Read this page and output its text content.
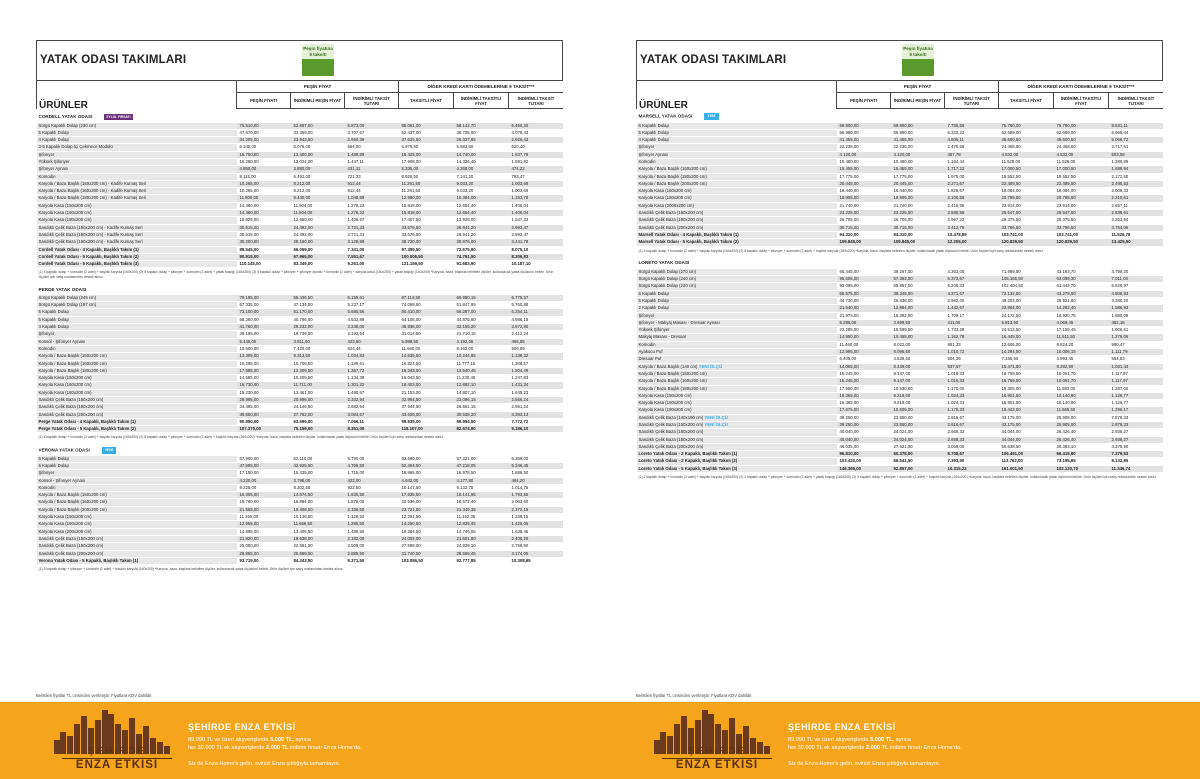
YATAK ODASI TAKIMLARI
Peşin fiyatına 9 taksit!

ÜRÜNLER	PEŞİN FİYAT			DİĞER KREDİ KARTI ÖDEMELERİNE 9 TAKSİT***		
	PEŞİN FİYATI	İNDİRİMLİ PEŞİN FİYAT	İNDİRİMLİ TAKSİT TUTARI	TAKSİTLİ FİYAT	İNDİRİMLİ TAKSİTLİ FİYAT	İNDİRİMLİ TAKSİT TUTARI
CORDELL YATAK ODASI EYLÜL FIRSATI						
Sürgü Kapaklı Dolap (230 cm)	75.510,00	52.857,00	5.873,00	85.061,00	58.142,70	6.460,30
5 Kapaklı Dolap	47.670,00	33.369,00	3.707,67	52.437,00	36.705,90	4.078,43
4 Kapaklı Dolap	34.205,00	23.943,50	2.660,39	37.625,50	26.337,85	2.926,43
3-5 Kapaklı Dolap İçi Çekmece Modülü	6.345,00	5.076,00	564,00	6.979,50	5.583,60	620,40
Şifonyer	16.750,00	13.400,00	1.488,89	18.425,00	14.740,00	1.637,78
Yüksek Şifonyer	16.280,00	13.024,00	1.447,11	17.908,00	14.326,40	1.591,82
Şifonyer Aynası	4.850,00	3.880,00	431,11	5.335,00	4.268,00	474,22
Komodin	8.115,00	6.492,00	721,33	8.926,50	7.141,20	793,47
Karyola / Baza Başlık (150x200 cm) - Kadife Kumaş Seri	10.265,00	8.212,00	912,44	11.291,50	9.033,20	1.003,69
Karyola / Baza Başlık (160x200 cm) - Kadife Kumaş Seri	10.265,00	8.212,00	912,44	11.291,50	9.033,20	1.003,69
Karyola / Baza Başlık (180x200 cm) - Kadife Kumaş Seri	11.800,00	9.440,00	1.048,89	12.980,00	10.384,00	1.153,78
Karyola Kasa (150x200 cm)	14.380,00	11.504,00	1.278,22	15.818,00	12.654,40	1.406,04
Karyola Kasa (160x200 cm)	14.380,00	11.504,00	1.278,22	15.818,00	12.654,40	1.406,04
Karyola Kasa (180x200 cm)	15.825,00	12.660,00	1.406,67	17.407,50	13.926,00	1.547,33
Sandıklı Çelik Baza (150x200 cm) - Kadife Kumaş Seri	30.615,00	24.492,00	2.721,33	33.676,50	26.941,20	2.993,47
Sandıklı Çelik Baza (160x200 cm) - Kadife Kumaş Seri	30.615,00	24.492,00	2.721,33	33.676,50	26.941,20	2.993,47
Sandıklı Çelik Baza (180x200 cm) - Kadife Kumaş Seri	35.200,00	28.160,00	3.128,89	38.720,00	30.976,00	3.441,78
Cordell Yatak Odası - 4 Kapaklı, Başlıklı Takım (1)	88.545,00	66.069,00	7.341,00	97.399,50	72.675,90	8.075,10
Cordell Yatak Odası - 5 Kapaklı, Başlıklı Takım (2)	90.915,00	67.965,00	7.551,67	100.006,50	74.761,50	8.306,83
Cordell Yatak Odası - 5 Kapaklı, Başlıklı Takım (3)	110.145,00	83.349,00	9.261,00	121.159,50	91.683,90	10.187,10
(1) 4 kapaklı dolap + komodin (2 adet) + başlıklı karyola (160x200) (2) 5 kapaklı dolap + şifonyer + komodin (2 adet) + yatak başlığı (160x200) (3) 5 kapaklı dolap + şifonyer + şifonyer aynası + komodin (2 adet) + karyola kasa (160x200) + yatak başlığı (160x200) *Karyola, baza, başlıkta belirtilen ölçüler, kullanılacak yatak ölçüsünü belirtir. Ürün ölçüleri için satış noktasından destek alınız.						
PERGE YATAK ODASI						
Sürgü Kapaklı Dolap (245 cm)	79.195,00	55.436,50	6.159,61	87.114,50	60.980,15	6.775,57
Sürgü Kapaklı Dolap (197 cm)	67.335,00	47.134,50	5.237,17	74.068,50	51.847,95	5.760,88
6 Kapaklı Dolap	73.100,00	51.170,00	5.685,56	80.410,00	56.287,00	6.254,11
5 Kapaklı Dolap	58.280,00	40.796,00	4.532,89	64.108,00	44.875,60	4.986,18
4 Kapaklı Dolap	41.760,00	29.232,00	3.248,00	45.936,00	32.155,20	3.572,80
Şifonyer	28.195,00	19.736,50	2.192,94	31.014,50	21.710,15	2.412,24
Konsol - Şifonyer Aynası	5.445,00	3.811,50	423,50	5.989,50	4.192,65	465,85
Komodin	10.600,00	7.420,00	824,44	11.660,00	8.162,00	906,89
Karyola / Baza Başlık (150x200 cm)	13.305,00	9.313,50	1.034,83	14.635,50	10.244,85	1.138,32
Karyola / Baza Başlık (160x200 cm)	15.295,00	10.706,50	1.189,61	16.824,50	11.777,15	1.308,57
Karyola / Baza Başlık (180x200 cm)	17.585,00	12.309,50	1.367,72	19.343,50	13.540,45	1.504,49
Karyola Kasa (150x200 cm)	14.585,00	10.209,50	1.134,39	16.043,50	11.230,45	1.247,83
Karyola Kasa (160x200 cm)	16.730,00	11.711,00	1.301,22	18.403,00	12.882,10	1.431,34
Karyola Kasa (180x200 cm)	19.230,00	13.461,00	1.495,67	21.153,00	14.807,10	1.645,23
Sandıklı Çelik Baza (160x200 cm)	29.995,00	20.996,50	2.332,94	32.994,50	23.096,15	2.566,24
Sandıklı Çelik Baza (180x200 cm)	34.495,00	24.146,50	2.682,94	37.944,50	26.561,15	2.951,24
Sandıklı Çelik Baza (200x200 cm)	39.660,00	27.762,00	3.084,67	43.626,00	30.538,20	3.393,13
Perge Yatak Odası - 4 Kapaklı, Başlıklı Takım (1)	90.850,00	63.595,00	7.066,11	99.935,00	69.954,50	7.772,72
Perge Yatak Odası - 5 Kapaklı, Başlıklı Takım (2)	107.370,00	75.159,00	8.351,00	118.107,00	82.674,90	9.186,10
(1) 4 kapaklı dolap + komodin (2 adet) + başlıklı karyola (160x200) (2) 5 kapaklı dolap + şifonyer + komodin (2 adet) + başlıklı karyola (160x200) *Karyola, baza, başlıkta belirtilen ölçüler, kullanılacak yatak ölçüsünü belirtir. Ürün ölçüleri için satış noktasından destek alınız.						
VERONA YATAK ODASI YENİ						
6 Kapaklı Dolap	57.900,00	52.110,00	5.790,00	63.690,00	57.321,00	6.369,00
5 Kapaklı Dolap	47.695,00	42.925,50	4.769,50	52.464,50	47.218,05	5.246,45
Şifonyer	17.150,00	15.435,00	1.715,00	18.865,00	16.978,50	1.886,50
Konsol - Şifonyer Aynası	4.220,00	3.798,00	422,00	4.642,00	4.177,80	464,20
Komodin	9.225,00	8.302,50	922,50	10.147,50	9.132,75	1.014,75
Karyola / Baza Başlık (150x200 cm)	16.305,00	14.674,50	1.630,50	17.935,50	16.141,95	1.793,55
Karyola / Baza Başlık (160x200 cm)	18.760,00	16.884,00	1.876,00	20.636,00	18.572,40	2.063,60
Karyola / Baza Başlık (200x200 cm)	21.565,00	19.408,50	2.156,50	23.721,50	21.349,35	2.372,15
Karyola Kasa (150x200 cm)	11.265,00	10.138,50	1.126,50	12.391,50	11.152,35	1.239,15
Karyola Kasa (160x200 cm)	12.955,00	11.659,50	1.295,50	14.250,50	12.825,45	1.425,05
Karyola Kasa (200x200 cm)	14.895,00	13.405,50	1.489,50	16.384,50	14.746,05	1.638,45
Sandıklı Çelik Baza (150x200 cm)	21.820,00	19.638,00	2.182,00	24.002,00	21.601,80	2.400,20
Sandıklı Çelik Baza (160x200 cm)	25.090,00	22.581,00	2.509,00	27.599,00	24.839,10	2.759,90
Sandıklı Çelik Baza (200x200 cm)	28.855,00	25.969,50	2.885,50	31.740,50	28.566,45	3.174,05
Verona Yatak Odası - 5 Kapaklı, Başlıklı Takım (1)	93.715,00	84.343,50	9.371,50	103.086,50	92.777,85	10.308,65
(1) 5 kapaklı dolap + şifonyer + komodin (2 adet) + başlıklı karyola (160x200) *Karyola, baza, başlıkta belirtilen ölçüler, kullanılacak yatak ölçüsünü belirtir. Ürün ölçüleri için satış noktasından destek alınız.						
Belirtilen fiyatlar TL cinsinden verilmiştir. Fiyatlara KDV dahildir.
ŞEHİRDE
ENZA ETKİSİ
ŞEHİRDE ENZA ETKİSİ
89.990 TL ve üzeri alışverişlerde 5.000 TL, ayrıca
her 30.000 TL ek alışverişlerde 2.000 TL indirim fırsatı Enza Home'da.
Siz de Enza Home'a gelin, evinizi Enza şıklığıyla tamamlayın.
YATAK ODASI TAKIMLARI
Peşin fiyatına 9 taksit!

ÜRÜNLER	PEŞİN FİYAT			DİĞER KREDİ KARTI ÖDEMELERİNE 9 TAKSİT***		
	PEŞİN FİYATI	İNDİRİMLİ PEŞİN FİYAT	İNDİRİMLİ TAKSİT TUTARI	TAKSİTLİ FİYAT	İNDİRİMLİ TAKSİTLİ FİYAT	İNDİRİMLİ TAKSİT TUTARI
MARSELL YATAK ODASI YENİ						
6 Kapaklı Dolap	69.800,00	69.800,00	7.755,56	76.780,00	76.780,00	8.531,11
5 Kapaklı Dolap	56.990,00	56.990,00	6.332,22	62.689,00	62.689,00	6.965,44
4 Kapaklı Dolap	41.455,00	41.455,00	4.606,11	45.600,50	45.600,50	5.066,72
Şifonyer	22.235,00	22.235,00	2.470,56	24.458,50	24.458,50	2.717,61
Şifonyer Aynası	4.120,00	4.120,00	457,78	4.532,00	4.532,00	503,56
Komodin	10.480,00	10.480,00	1.164,44	11.528,00	11.528,00	1.280,89
Karyola / Baza Başlık (160x200 cm)	15.455,00	15.455,00	1.717,22	17.000,50	17.000,50	1.888,94
Karyola / Baza Başlık (180x200 cm)	17.775,00	17.775,00	1.975,00	19.552,50	19.552,50	2.172,50
Karyola / Baza Başlık (200x200 cm)	20.445,00	20.445,00	2.271,67	22.489,50	22.489,50	2.498,83
Karyola Kasa (160x200 cm)	16.440,00	16.440,00	1.826,67	18.084,00	18.084,00	2.009,33
Karyola Kasa (180x200 cm)	18.905,00	18.905,00	2.100,56	20.795,50	20.795,50	2.310,61
Karyola Kasa (2000x200 cm)	21.740,00	21.740,00	2.415,56	23.914,00	23.914,00	2.657,11
Sandıklı Çelik Baza (160x200 cm)	23.225,00	23.225,00	2.580,56	25.547,50	25.547,50	2.838,61
Sandıklı Çelik Baza (180x200 cm)	26.705,00	26.705,00	2.967,22	29.375,50	29.375,50	3.263,94
Sandıklı Çelik Baza (200x200 cm)	30.715,00	30.715,00	3.412,78	33.786,50	33.786,50	3.754,06
Marsell Yatak Odası - 4 Kapaklı, Başlıklı Takım (1)	94.310,00	94.310,00	10.478,89	103.741,00	103.741,00	11.526,78
Marsell Yatak Odası - 5 Kapaklı, Başlıklı Takım (2)	109.845,00	109.845,00	12.205,00	120.829,50	120.829,50	13.425,50
(1) 4 kapaklı dolap + komodin (2 adet) + başlıklı karyola (160x200) (2) 5 kapaklı dolap + şifonyer + komodin (2 adet) + başlıklı karyola (160x200) *Karyola, baza, başlıkta belirtilen ölçüler, kullanılacak yatak ölçüsünü belirtir. Ürün ölçüleri için satış noktasından destek alınız.						
LORETO YATAK ODASI						
Sürgü Kapaklı Dolap (270 cm)	65.445,00	39.267,00	4.363,00	71.989,50	43.193,70	4.799,30
Sürgü Kapaklı Dolap (240 cm)	95.605,00	57.363,00	6.373,67	105.165,50	63.099,30	7.011,03
Sürgü Kapaklı Dolap (220 cm)	93.095,00	55.857,00	6.206,33	102.404,50	61.442,70	6.826,97
6 Kapaklı Dolap	65.575,00	39.345,00	4.371,67	72.132,50	43.279,50	4.808,83
5 Kapaklı Dolap	44.730,00	26.838,00	2.982,00	49.203,00	29.521,80	3.280,20
2 Kapaklı Dolap	21.640,00	12.984,00	1.442,67	23.804,00	14.282,40	1.586,93
Şifonyer	21.975,00	15.382,50	1.709,17	24.172,50	16.920,75	1.880,08
Şifonyer - Makyaj Masası - Dresuar Aynası	5.285,00	3.699,50	411,06	5.813,50	4.069,45	452,16
Yüksek Şifonyer	22.285,00	15.599,50	1.733,28	24.513,50	17.159,45	1.906,61
Makyaj Masası - Dresuar	14.950,00	10.465,00	1.162,78	16.445,00	11.511,50	1.279,06
Komodin	11.460,00	8.022,00	891,33	12.606,00	8.824,20	980,47
Ayakucu Puf	12.995,00	9.096,50	1.010,72	14.294,50	10.006,15	1.111,79
Dresuar Puf	6.405,00	4.539,50	504,39	7.155,50	4.993,45	554,83
Karyola / Baza Başlık (140 cm) YENİ ÖLÇÜ	14.065,00	8.439,00	937,67	15.471,50	9.282,90	1.031,43
Karyola / Baza Başlık (150x200 cm)	15.245,00	9.147,00	1.016,33	16.769,50	10.061,70	1.117,97
Karyola / Baza Başlık (160x200 cm)	15.245,00	9.147,00	1.016,33	16.769,50	10.061,70	1.117,97
Karyola / Baza Başlık (180x200 cm)	17.550,00	10.530,00	1.170,00	19.305,00	11.583,00	1.287,00
Karyola Kasa (150x200 cm)	15.365,00	9.219,00	1.024,33	16.901,50	10.140,90	1.126,77
Karyola Kasa (160x200 cm)	15.365,00	9.219,00	1.024,33	16.901,50	10.140,90	1.126,77
Karyola Kasa (180x200 cm)	17.675,00	10.605,00	1.178,33	19.442,50	11.665,50	1.296,17
Sandıklı Çelik Baza (140x190 cm) YENİ ÖLÇÜ	39.250,00	23.550,00	2.616,67	43.175,00	25.905,00	2.878,33
Sandıklı Çelik Baza (150x200 cm) YENİ ÖLÇÜ	39.250,00	23.550,00	2.616,67	43.175,00	25.905,00	2.878,33
Sandıklı Çelik Baza (160x200 cm)	40.040,00	24.024,00	2.669,33	44.044,00	26.426,40	2.936,27
Sandıklı Çelik Baza (180x200 cm)	40.040,00	24.024,00	2.669,33	44.044,00	26.426,40	2.936,27
Sandıklı Çelik Baza (200x200 cm)	46.035,00	27.621,00	3.069,00	50.638,50	30.383,10	3.375,90
Loreto Yatak Odası - 2 Kapaklı, Başlıklı Takım (1)	96.810,00	60.378,00	6.708,67	106.491,00	66.415,80	7.379,53
Loreto Yatak Odası - 2 Kapaklı, Başlıklı Takım (2)	103.420,00	66.541,50	7.393,50	113.762,00	73.195,65	8.132,85
Loreto Yatak Odası - 5 Kapaklı, Başlıklı Takım (3)	146.365,00	92.857,00	10.315,22	161.001,50	102.120,70	11.346,74
(1) 2 kapaklı dolap + komodin (2 adet) + başlıklı karyola (160x200) (2) 2 kapaklı dolap + şifonyer + komodin (2 adet) + yatak başlığı (160x200) (3) 5 kapaklı dolap + şifonyer + komodin (2 adet) + başlıklı karyola (160x200) *Karyola, baza, başlıkta belirtilen ölçüler, kullanılacak yatak ölçüsünü belirtir. Ürün ölçüleri için satış noktasından destek alınız.						
Belirtilen fiyatlar TL cinsinden verilmiştir. Fiyatlara KDV dahildir.
ŞEHİRDE
ENZA ETKİSİ
ŞEHİRDE ENZA ETKİSİ
89.990 TL ve üzeri alışverişlerde 5.000 TL, ayrıca
her 30.000 TL ek alışverişlerde 2.000 TL indirim fırsatı Enza Home'da.
Siz de Enza Home'a gelin, evinizi Enza şıklığıyla tamamlayın.
